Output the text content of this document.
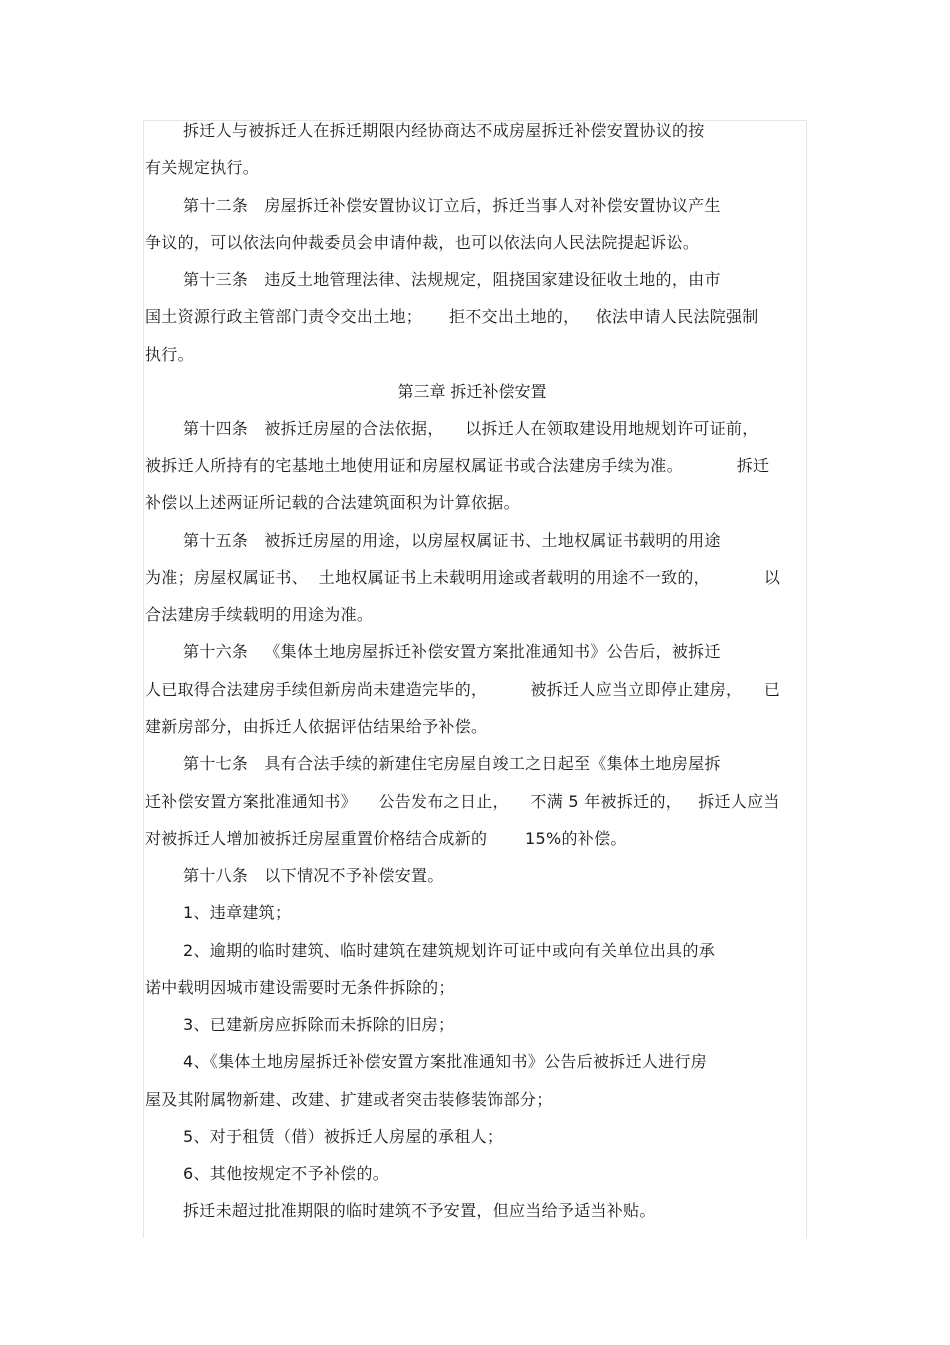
拆迁人与被拆迁人在拆迁期限内经协商达不成房屋拆迁补偿安置协议的按
有关规定执行。
第十二条   房屋拆迁补偿安置协议订立后，拆迁当事人对补偿安置协议产生
争议的，可以依法向仲裁委员会申请仲裁，也可以依法向人民法院提起诉讼。
第十三条   违反土地管理法律、法规规定，阻挠国家建设征收土地的，由市
国土资源行政主管部门责令交出土地；     拒不交出土地的，   依法申请人民法院强制
执行。
第三章 拆迁补偿安置
第十四条   被拆迁房屋的合法依据，    以拆迁人在领取建设用地规划许可证前，
被拆迁人所持有的宅基地土地使用证和房屋权属证书或合法建房手续为准。          拆迁
补偿以上述两证所记载的合法建筑面积为计算依据。
第十五条   被拆迁房屋的用途，以房屋权属证书、土地权属证书载明的用途
为准；房屋权属证书、  土地权属证书上未载明用途或者载明的用途不一致的，          以
合法建房手续载明的用途为准。
第十六条   《集体土地房屋拆迁补偿安置方案批准通知书》公告后，被拆迁
人已取得合法建房手续但新房尚未建造完毕的，        被拆迁人应当立即停止建房，    已
建新房部分，由拆迁人依据评估结果给予补偿。
第十七条   具有合法手续的新建住宅房屋自竣工之日起至《集体土地房屋拆
迁补偿安置方案批准通知书》    公告发布之日止，    不满 5 年被拆迁的，   拆迁人应当
对被拆迁人增加被拆迁房屋重置价格结合成新的       15%的补偿。
第十八条   以下情况不予补偿安置。
1、违章建筑；
2、逾期的临时建筑、临时建筑在建筑规划许可证中或向有关单位出具的承
诺中载明因城市建设需要时无条件拆除的；
3、已建新房应拆除而未拆除的旧房；
4、《集体土地房屋拆迁补偿安置方案批准通知书》公告后被拆迁人进行房
屋及其附属物新建、改建、扩建或者突击装修装饰部分；
5、对于租赁（借）被拆迁人房屋的承租人；
6、其他按规定不予补偿的。
拆迁未超过批准期限的临时建筑不予安置，但应当给予适当补贴。
